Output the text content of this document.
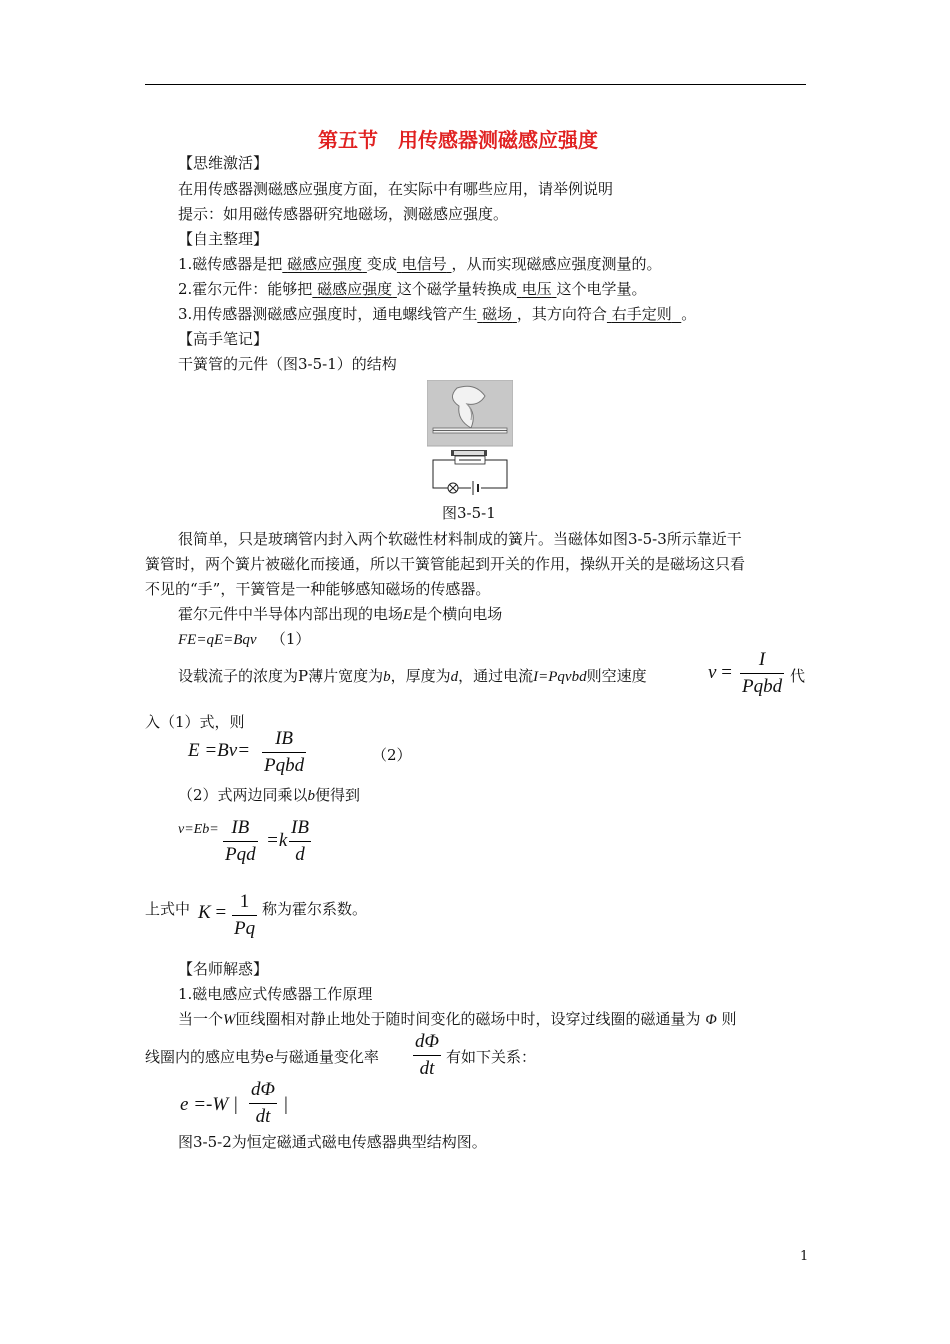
第五节　用传感器测磁感应强度
【思维激活】
在用传感器测磁感应强度方面，在实际中有哪些应用，请举例说明
提示：如用磁传感器研究地磁场，测磁感应强度。
【自主整理】
1.磁传感器是把 磁感应强度 变成 电信号 ，从而实现磁感应强度测量的。
2.霍尔元件：能够把 磁感应强度 这个磁学量转换成 电压 这个电学量。
3.用传感器测磁感应强度时，通电螺线管产生 磁场 ，其方向符合 右手定则 。
【高手笔记】
干簧管的元件（图3-5-1）的结构
图3-5-1
很简单，只是玻璃管内封入两个软磁性材料制成的簧片。当磁体如图3-5-3所示靠近干
簧管时，两个簧片被磁化而接通，所以干簧管能起到开关的作用，操纵开关的是磁场这只看
不见的“手”，干簧管是一种能够感知磁场的传感器。
霍尔元件中半导体内部出现的电场E是个横向电场
FE=qE=Bqv （1）
设载流子的浓度为P薄片宽度为b，厚度为d，通过电流I=Pqvbd则空速度	v =
I
Pqbd 代
入（1）式，则
E =Bv=
IB
Pqbd	（2）
（2）式两边同乘以b便得到
v=Eb= IB
Pqd
=k
IB
d
上式中 K =
1
Pq
称为霍尔系数。
【名师解惑】
1.磁电感应式传感器工作原理
当一个W匝线圈相对静止地处于随时间变化的磁场中时，设穿过线圈的磁通量为 Φ 则
线圈内的感应电势e与磁通量变化率
dΦ
dt
有如下关系：
e =-W |
dΦ
dt
|
图3-5-2为恒定磁通式磁电传感器典型结构图。
1
